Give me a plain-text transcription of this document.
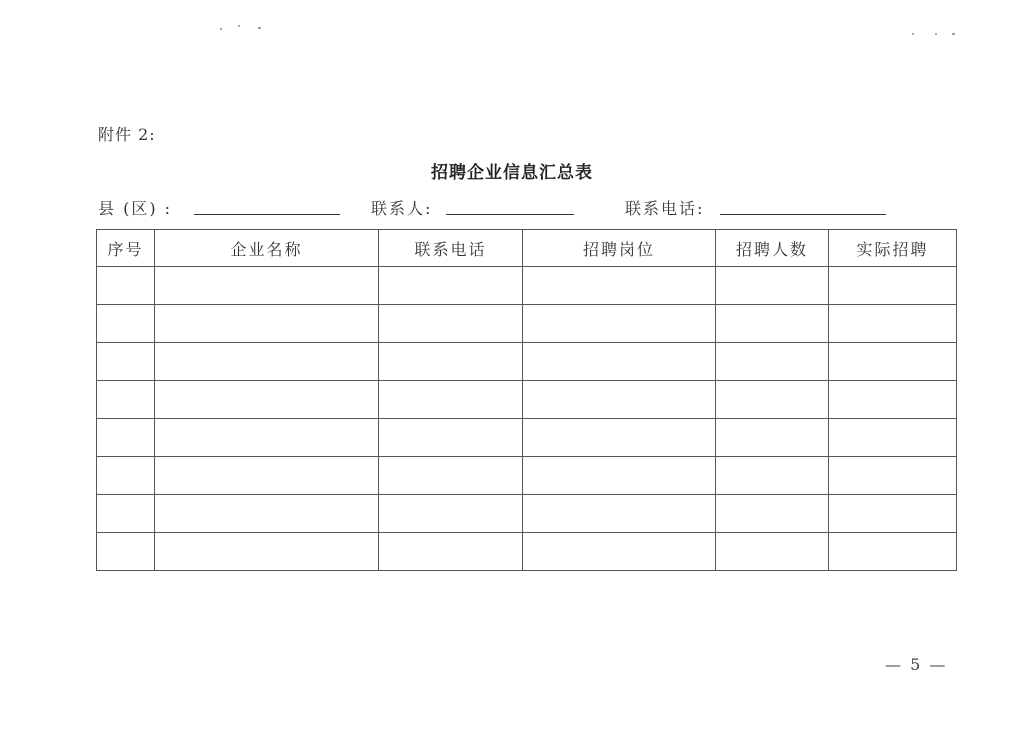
附件 2:
招聘企业信息汇总表
县 (区) :	联系人:	联系电话:
序号	企业名称	联系电话	招聘岗位	招聘人数	实际招聘

— 5 —
